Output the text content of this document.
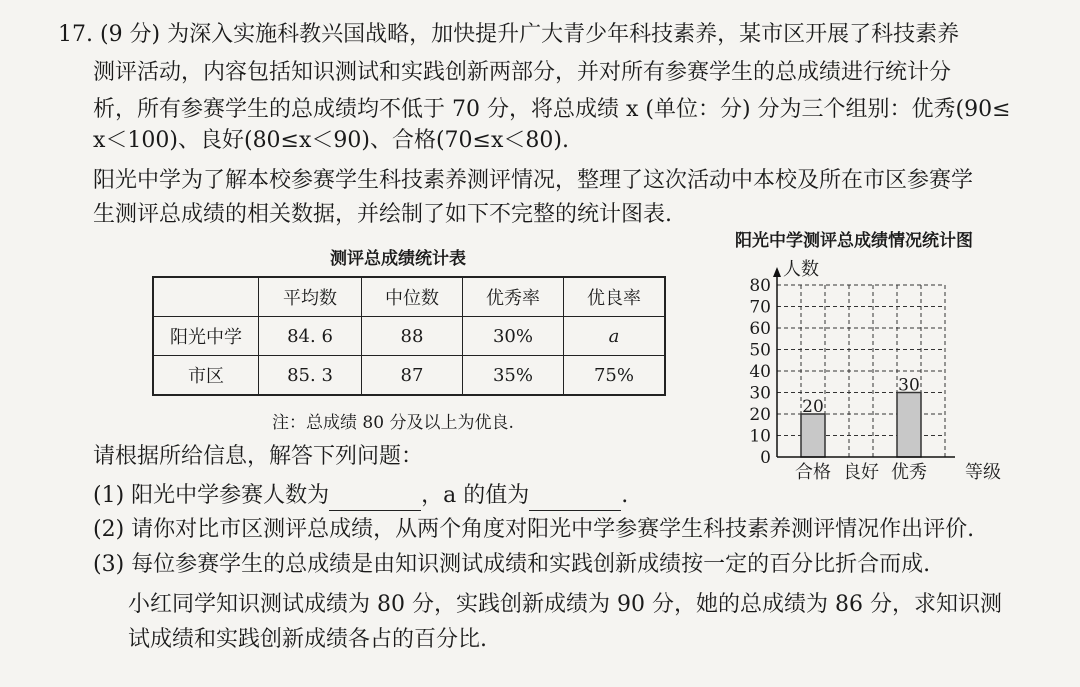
17. (9 分) 为深入实施科教兴国战略，加快提升广大青少年科技素养，某市区开展了科技素养
测评活动，内容包括知识测试和实践创新两部分，并对所有参赛学生的总成绩进行统计分
析，所有参赛学生的总成绩均不低于 70 分，将总成绩 x (单位：分) 分为三个组别：优秀(90≤
x＜100)、良好(80≤x＜90)、合格(70≤x＜80).
阳光中学为了解本校参赛学生科技素养测评情况，整理了这次活动中本校及所在市区参赛学
生测评总成绩的相关数据，并绘制了如下不完整的统计图表.
测评总成绩统计表
	平均数	中位数	优秀率	优良率
阳光中学	84. 6	88	30%	a
市区	85. 3	87	35%	75%
注：总成绩 80 分及以上为优良.
请根据所给信息，解答下列问题：
(1) 阳光中学参赛人数为	，a 的值为	.
(2) 请你对比市区测评总成绩，从两个角度对阳光中学参赛学生科技素养测评情况作出评价.
(3) 每位参赛学生的总成绩是由知识测试成绩和实践创新成绩按一定的百分比折合而成.
小红同学知识测试成绩为 80 分，实践创新成绩为 90 分，她的总成绩为 86 分，求知识测
试成绩和实践创新成绩各占的百分比.
阳光中学测评总成绩情况统计图
20
30
0
10
20
30
40
50
60
70
80
合格 良好 优秀
人数
等级
